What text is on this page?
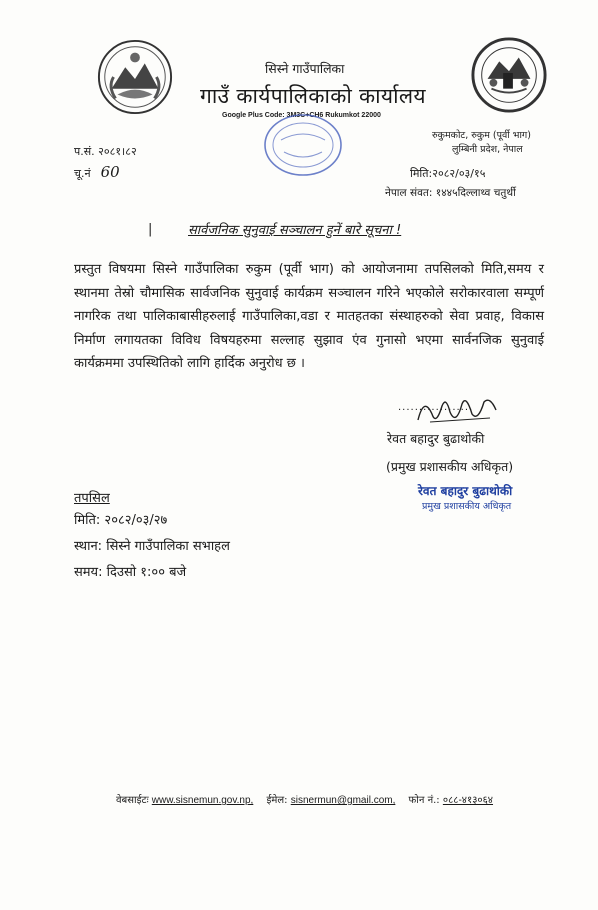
सिस्ने गाउँपालिका
गाउँ कार्यपालिकाको कार्यालय
Google Plus Code: 3M3C+CH6 Rukumkot 22000
रुकुमकोट, रुकुम (पूर्वी भाग)
लुम्बिनी प्रदेश, नेपाल
प.सं. २०८१।८२
चू.नं 60	मिति:२०८२/०३/१५
नेपाल संवत: १४४५दिल्लाथ्व चतुर्थी
|	सार्वजनिक सुनुवाई सञ्चालन हुनें बारे सूचना !
प्रस्तुत विषयमा सिस्ने गाउँपालिका रुकुम (पूर्वी भाग) को आयोजनामा तपसिलको मिति,समय र स्थानमा तेस्रो चौमासिक सार्वजनिक सुनुवाई कार्यक्रम सञ्चालन गरिने भएकोले सरोकारवाला सम्पूर्ण नागरिक तथा पालिकाबासीहरुलाई गाउँपालिका,वडा र मातहतका संस्थाहरुको सेवा प्रवाह, विकास निर्माण लगायतका विविध विषयहरुमा सल्लाह सुझाव एंव गुनासो भएमा सार्वनजिक सुनुवाई कार्यक्रममा उपस्थितिको लागि हार्दिक अनुरोध छ ।
..................
रेवत बहादुर बुढाथोकी
(प्रमुख प्रशासकीय अधिकृत)
रेवत बहादुर बुढाथोकी
प्रमुख प्रशासकीय अधिकृत
तपसिल
मिति: २०८२/०३/२७
स्थान: सिस्ने गाउँपालिका सभाहल
समय: दिउसो १:०० बजे
वेबसाईटः www.sisnemun.gov.np, ईमेल: sisnermun@gmail.com, फोन नं.: ०८८-४१३०६४
